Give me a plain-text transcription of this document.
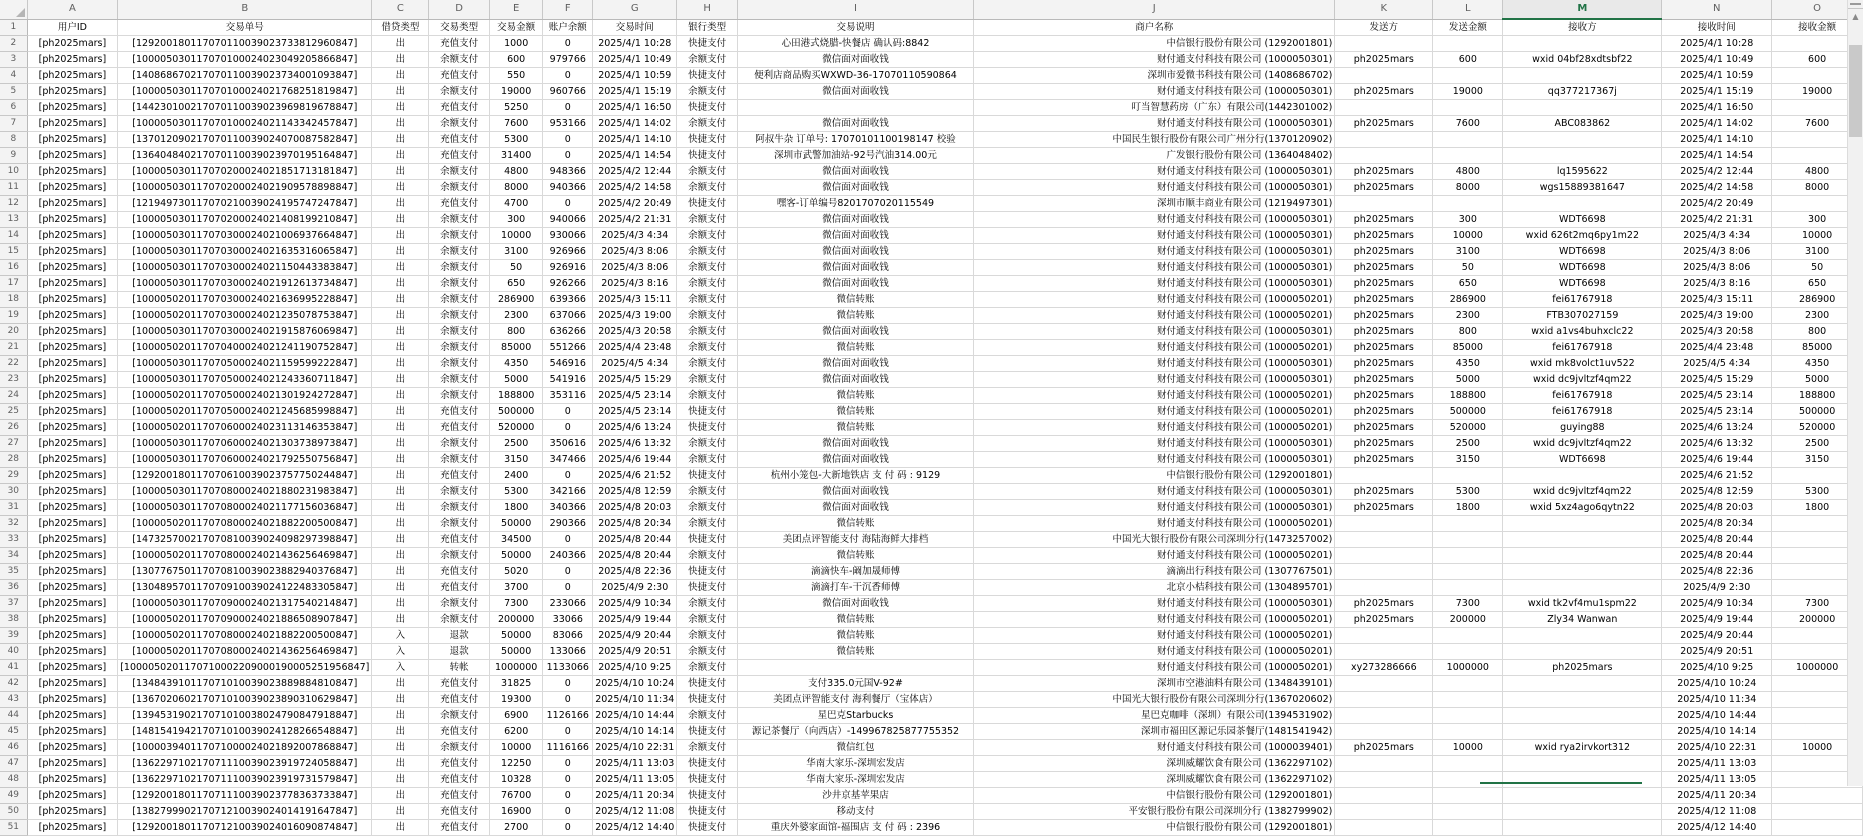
	A	B	C	D	E	F	G	H	I	J	K	L	M	N	O
1	用户ID	交易单号	借贷类型	交易类型	交易金额	账户余额	交易时间	银行类型	交易说明	商户名称	发送方	发送金额	接收方	接收时间	接收金额
2	[ph2025mars]	[129200180117070110039023733812960847]	出	充值支付	1000	0	2025/4/1 10:28	快捷支付	心田港式烧腊-快餐店 确认码:8842	中信银行股份有限公司 (1292001801)				2025/4/1 10:28	
3	[ph2025mars]	[100005030117070100024023049205866847]	出	余额支付	600	979766	2025/4/1 10:49	余额支付	微信面对面收钱	财付通支付科技有限公司 (1000050301)	ph2025mars	600	wxid 04bf28xdtsbf22	2025/4/1 10:49	600
4	[ph2025mars]	[140868670217070110039023734001093847]	出	充值支付	550	0	2025/4/1 10:59	快捷支付	便利店商品购买WXWD-36-17070110590864	深圳市爱微书科技有限公司 (1408686702)				2025/4/1 10:59	
5	[ph2025mars]	[100005030117070100024021768251819847]	出	余额支付	19000	960766	2025/4/1 15:19	余额支付	微信面对面收钱	财付通支付科技有限公司 (1000050301)	ph2025mars	19000	qq377217367j	2025/4/1 15:19	19000
6	[ph2025mars]	[144230100217070110039023969819678847]	出	充值支付	5250	0	2025/4/1 16:50	快捷支付		叮当智慧药房（广东）有限公司(1442301002)				2025/4/1 16:50	
7	[ph2025mars]	[100005030117070100024021143342457847]	出	余额支付	7600	953166	2025/4/1 14:02	余额支付	微信面对面收钱	财付通支付科技有限公司 (1000050301)	ph2025mars	7600	ABC083862	2025/4/1 14:02	7600
8	[ph2025mars]	[137012090217070110039024070087582847]	出	充值支付	5300	0	2025/4/1 14:10	快捷支付	阿叔牛杂 订单号: 17070101100198147 校验	中国民生银行股份有限公司广州分行(1370120902)				2025/4/1 14:10	
9	[ph2025mars]	[136404840217070110039023970195164847]	出	充值支付	31400	0	2025/4/1 14:54	快捷支付	深圳市武警加油站-92号汽油314.00元	广发银行股份有限公司 (1364048402)				2025/4/1 14:54	
10	[ph2025mars]	[100005030117070200024021851713181847]	出	余额支付	4800	948366	2025/4/2 12:44	余额支付	微信面对面收钱	财付通支付科技有限公司 (1000050301)	ph2025mars	4800	lq1595622	2025/4/2 12:44	4800
11	[ph2025mars]	[100005030117070200024021909578898847]	出	余额支付	8000	940366	2025/4/2 14:58	余额支付	微信面对面收钱	财付通支付科技有限公司 (1000050301)	ph2025mars	8000	wgs15889381647	2025/4/2 14:58	8000
12	[ph2025mars]	[121949730117070210039024195747247847]	出	充值支付	4700	0	2025/4/2 20:49	快捷支付	嘿客-订单编号8201707020115549	深圳市顺丰商业有限公司 (1219497301)				2025/4/2 20:49	
13	[ph2025mars]	[100005030117070200024021408199210847]	出	余额支付	300	940066	2025/4/2 21:31	余额支付	微信面对面收钱	财付通支付科技有限公司 (1000050301)	ph2025mars	300	WDT6698	2025/4/2 21:31	300
14	[ph2025mars]	[100005030117070300024021006937664847]	出	余额支付	10000	930066	2025/4/3 4:34	余额支付	微信面对面收钱	财付通支付科技有限公司 (1000050301)	ph2025mars	10000	wxid 626t2mq6py1m22	2025/4/3 4:34	10000
15	[ph2025mars]	[100005030117070300024021635316065847]	出	余额支付	3100	926966	2025/4/3 8:06	余额支付	微信面对面收钱	财付通支付科技有限公司 (1000050301)	ph2025mars	3100	WDT6698	2025/4/3 8:06	3100
16	[ph2025mars]	[100005030117070300024021150443383847]	出	余额支付	50	926916	2025/4/3 8:06	余额支付	微信面对面收钱	财付通支付科技有限公司 (1000050301)	ph2025mars	50	WDT6698	2025/4/3 8:06	50
17	[ph2025mars]	[100005030117070300024021912613734847]	出	余额支付	650	926266	2025/4/3 8:16	余额支付	微信面对面收钱	财付通支付科技有限公司 (1000050301)	ph2025mars	650	WDT6698	2025/4/3 8:16	650
18	[ph2025mars]	[100005020117070300024021636995228847]	出	余额支付	286900	639366	2025/4/3 15:11	余额支付	微信转账	财付通支付科技有限公司 (1000050201)	ph2025mars	286900	fei61767918	2025/4/3 15:11	286900
19	[ph2025mars]	[100005020117070300024021235078753847]	出	余额支付	2300	637066	2025/4/3 19:00	余额支付	微信转账	财付通支付科技有限公司 (1000050201)	ph2025mars	2300	FTB307027159	2025/4/3 19:00	2300
20	[ph2025mars]	[100005030117070300024021915876069847]	出	余额支付	800	636266	2025/4/3 20:58	余额支付	微信面对面收钱	财付通支付科技有限公司 (1000050301)	ph2025mars	800	wxid a1vs4buhxclc22	2025/4/3 20:58	800
21	[ph2025mars]	[100005020117070400024021241190752847]	出	余额支付	85000	551266	2025/4/4 23:48	余额支付	微信转账	财付通支付科技有限公司 (1000050201)	ph2025mars	85000	fei61767918	2025/4/4 23:48	85000
22	[ph2025mars]	[100005030117070500024021159599222847]	出	余额支付	4350	546916	2025/4/5 4:34	余额支付	微信面对面收钱	财付通支付科技有限公司 (1000050301)	ph2025mars	4350	wxid mk8volct1uv522	2025/4/5 4:34	4350
23	[ph2025mars]	[100005030117070500024021243360711847]	出	余额支付	5000	541916	2025/4/5 15:29	余额支付	微信面对面收钱	财付通支付科技有限公司 (1000050301)	ph2025mars	5000	wxid dc9jvltzf4qm22	2025/4/5 15:29	5000
24	[ph2025mars]	[100005020117070500024021301924272847]	出	余额支付	188800	353116	2025/4/5 23:14	余额支付	微信转账	财付通支付科技有限公司 (1000050201)	ph2025mars	188800	fei61767918	2025/4/5 23:14	188800
25	[ph2025mars]	[100005020117070500024021245685998847]	出	充值支付	500000	0	2025/4/5 23:14	快捷支付	微信转账	财付通支付科技有限公司 (1000050201)	ph2025mars	500000	fei61767918	2025/4/5 23:14	500000
26	[ph2025mars]	[100005020117070600024023113146353847]	出	充值支付	520000	0	2025/4/6 13:24	快捷支付	微信转账	财付通支付科技有限公司 (1000050201)	ph2025mars	520000	guying88	2025/4/6 13:24	520000
27	[ph2025mars]	[100005030117070600024021303738973847]	出	余额支付	2500	350616	2025/4/6 13:32	余额支付	微信面对面收钱	财付通支付科技有限公司 (1000050301)	ph2025mars	2500	wxid dc9jvltzf4qm22	2025/4/6 13:32	2500
28	[ph2025mars]	[100005030117070600024021792550756847]	出	余额支付	3150	347466	2025/4/6 19:44	余额支付	微信面对面收钱	财付通支付科技有限公司 (1000050301)	ph2025mars	3150	WDT6698	2025/4/6 19:44	3150
29	[ph2025mars]	[129200180117070610039023757750244847]	出	充值支付	2400	0	2025/4/6 21:52	快捷支付	杭州小笼包-大新地铁店 支 付 码 : 9129	中信银行股份有限公司 (1292001801)				2025/4/6 21:52	
30	[ph2025mars]	[100005030117070800024021880231983847]	出	余额支付	5300	342166	2025/4/8 12:59	余额支付	微信面对面收钱	财付通支付科技有限公司 (1000050301)	ph2025mars	5300	wxid dc9jvltzf4qm22	2025/4/8 12:59	5300
31	[ph2025mars]	[100005030117070800024021177156036847]	出	余额支付	1800	340366	2025/4/8 20:03	余额支付	微信面对面收钱	财付通支付科技有限公司 (1000050301)	ph2025mars	1800	wxid 5xz4ago6qytn22	2025/4/8 20:03	1800
32	[ph2025mars]	[100005020117070800024021882200500847]	出	余额支付	50000	290366	2025/4/8 20:34	余额支付	微信转账	财付通支付科技有限公司 (1000050201)				2025/4/8 20:34	
33	[ph2025mars]	[147325700217070810039024098297398847]	出	充值支付	34500	0	2025/4/8 20:44	快捷支付	美团点评智能支付 海陆海鲜大排档	中国光大银行股份有限公司深圳分行(1473257002)				2025/4/8 20:44	
34	[ph2025mars]	[100005020117070800024021436256469847]	出	余额支付	50000	240366	2025/4/8 20:44	余额支付	微信转账	财付通支付科技有限公司 (1000050201)				2025/4/8 20:44	
35	[ph2025mars]	[130776750117070810039023882940376847]	出	充值支付	5020	0	2025/4/8 22:36	快捷支付	滴滴快车-阚加晟师傅	滴滴出行科技有限公司 (1307767501)				2025/4/8 22:36	
36	[ph2025mars]	[130489570117070910039024122483305847]	出	充值支付	3700	0	2025/4/9 2:30	快捷支付	滴滴打车-干沉香师傅	北京小桔科技有限公司 (1304895701)				2025/4/9 2:30	
37	[ph2025mars]	[100005030117070900024021317540214847]	出	余额支付	7300	233066	2025/4/9 10:34	余额支付	微信面对面收钱	财付通支付科技有限公司 (1000050301)	ph2025mars	7300	wxid tk2vf4mu1spm22	2025/4/9 10:34	7300
38	[ph2025mars]	[100005020117070900024021886508907847]	出	余额支付	200000	33066	2025/4/9 19:44	余额支付	微信转账	财付通支付科技有限公司 (1000050201)	ph2025mars	200000	Zly34 Wanwan	2025/4/9 19:44	200000
39	[ph2025mars]	[100005020117070800024021882200500847]	入	退款	50000	83066	2025/4/9 20:44	余额支付	微信转账	财付通支付科技有限公司 (1000050201)				2025/4/9 20:44	
40	[ph2025mars]	[100005020117070800024021436256469847]	入	退款	50000	133066	2025/4/9 20:51	余额支付	微信转账	财付通支付科技有限公司 (1000050201)				2025/4/9 20:51	
41	[ph2025mars]	[1000050201170710002209000190005251956847]	入	转帐	1000000	1133066	2025/4/10 9:25	余额支付		财付通支付科技有限公司 (1000050201)	xy273286666	1000000	ph2025mars	2025/4/10 9:25	1000000
42	[ph2025mars]	[134843910117071010039023889884810847]	出	充值支付	31825	0	2025/4/10 10:24	快捷支付	支付335.0元国V-92#	深圳市空港油料有限公司 (1348439101)				2025/4/10 10:24	
43	[ph2025mars]	[136702060217071010039023890310629847]	出	充值支付	19300	0	2025/4/10 11:34	快捷支付	美团点评智能支付 海利餐厅（宝体店）	中国光大银行股份有限公司深圳分行(1367020602)				2025/4/10 11:34	
44	[ph2025mars]	[139453190217071010038024790847918847]	出	余额支付	6900	1126166	2025/4/10 14:44	余额支付	星巴克Starbucks	星巴克咖啡（深圳）有限公司(1394531902)				2025/4/10 14:44	
45	[ph2025mars]	[148154194217071010039024128266548847]	出	充值支付	6200	0	2025/4/10 14:14	快捷支付	源记茶餐厅（向西店）-149967825877755352	深圳市福田区源记乐园茶餐厅(1481541942)				2025/4/10 14:14	
46	[ph2025mars]	[100003940117071000024021892007868847]	出	余额支付	10000	1116166	2025/4/10 22:31	余额支付	微信红包	财付通支付科技有限公司 (1000039401)	ph2025mars	10000	wxid rya2irvkort312	2025/4/10 22:31	10000
47	[ph2025mars]	[136229710217071110039023919724058847]	出	充值支付	12250	0	2025/4/11 13:03	快捷支付	华南大家乐-深圳宏发店	深圳威耀饮食有限公司 (1362297102)				2025/4/11 13:03	
48	[ph2025mars]	[136229710217071110039023919731579847]	出	充值支付	10328	0	2025/4/11 13:05	快捷支付	华南大家乐-深圳宏发店	深圳威耀饮食有限公司 (1362297102)				2025/4/11 13:05	
49	[ph2025mars]	[129200180117071110039023778363733847]	出	充值支付	76700	0	2025/4/11 20:34	快捷支付	沙井京基苹果店	中信银行股份有限公司 (1292001801)				2025/4/11 20:34	
50	[ph2025mars]	[138279990217071210039024014191647847]	出	充值支付	16900	0	2025/4/12 11:08	快捷支付	移动支付	平安银行股份有限公司深圳分行 (1382799902)				2025/4/12 11:08	
51	[ph2025mars]	[129200180117071210039024016090874847]	出	充值支付	2700	0	2025/4/12 14:40	快捷支付	重庆外婆家面馆-福围店 支 付 码 : 2396	中信银行股份有限公司 (1292001801)				2025/4/12 14:40	
▲
